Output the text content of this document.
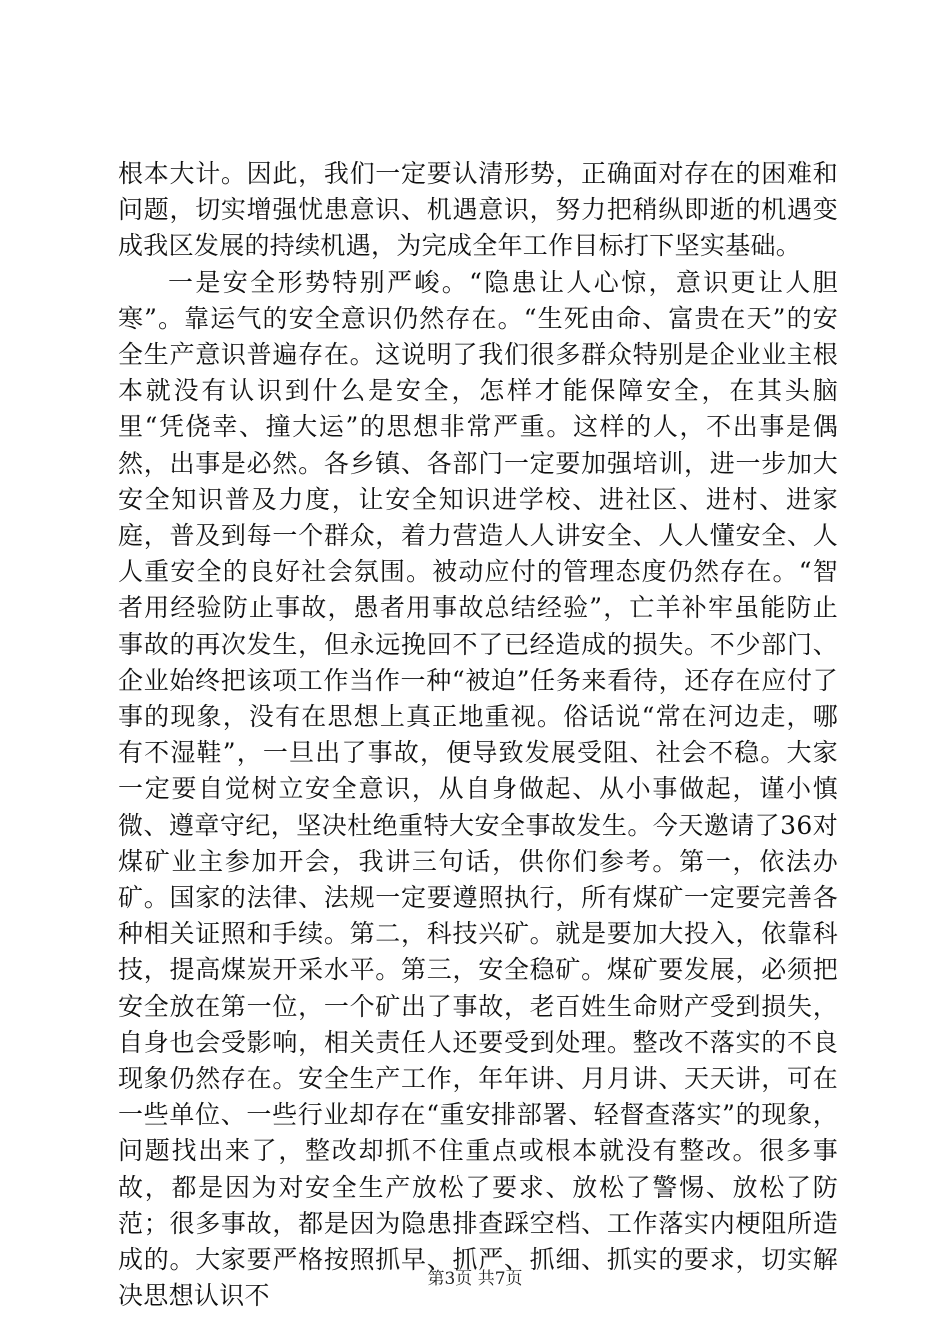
根本大计。因此，我们一定要认清形势，正确面对存在的困难和问题，切实增强忧患意识、机遇意识，努力把稍纵即逝的机遇变成我区发展的持续机遇，为完成全年工作目标打下坚实基础。

一是安全形势特别严峻。“隐患让人心惊，意识更让人胆寒”。靠运气的安全意识仍然存在。“生死由命、富贵在天”的安全生产意识普遍存在。这说明了我们很多群众特别是企业业主根本就没有认识到什么是安全，怎样才能保障安全，在其头脑里“凭侥幸、撞大运”的思想非常严重。这样的人，不出事是偶然，出事是必然。各乡镇、各部门一定要加强培训，进一步加大安全知识普及力度，让安全知识进学校、进社区、进村、进家庭，普及到每一个群众，着力营造人人讲安全、人人懂安全、人人重安全的良好社会氛围。被动应付的管理态度仍然存在。“智者用经验防止事故，愚者用事故总结经验”，亡羊补牢虽能防止事故的再次发生，但永远挽回不了已经造成的损失。不少部门、企业始终把该项工作当作一种“被迫”任务来看待，还存在应付了事的现象，没有在思想上真正地重视。俗话说“常在河边走，哪有不湿鞋”，一旦出了事故，便导致发展受阻、社会不稳。大家一定要自觉树立安全意识，从自身做起、从小事做起，谨小慎微、遵章守纪，坚决杜绝重特大安全事故发生。今天邀请了36对煤矿业主参加开会，我讲三句话，供你们参考。第一，依法办矿。国家的法律、法规一定要遵照执行，所有煤矿一定要完善各种相关证照和手续。第二，科技兴矿。就是要加大投入，依靠科技，提高煤炭开采水平。第三，安全稳矿。煤矿要发展，必须把安全放在第一位，一个矿出了事故，老百姓生命财产受到损失，自身也会受影响，相关责任人还要受到处理。整改不落实的不良现象仍然存在。安全生产工作，年年讲、月月讲、天天讲，可在一些单位、一些行业却存在“重安排部署、轻督查落实”的现象，问题找出来了，整改却抓不住重点或根本就没有整改。很多事故，都是因为对安全生产放松了要求、放松了警惕、放松了防范；很多事故，都是因为隐患排查踩空档、工作落实内梗阻所造成的。大家要严格按照抓早、抓严、抓细、抓实的要求，切实解决思想认识不

第3页 共7页
